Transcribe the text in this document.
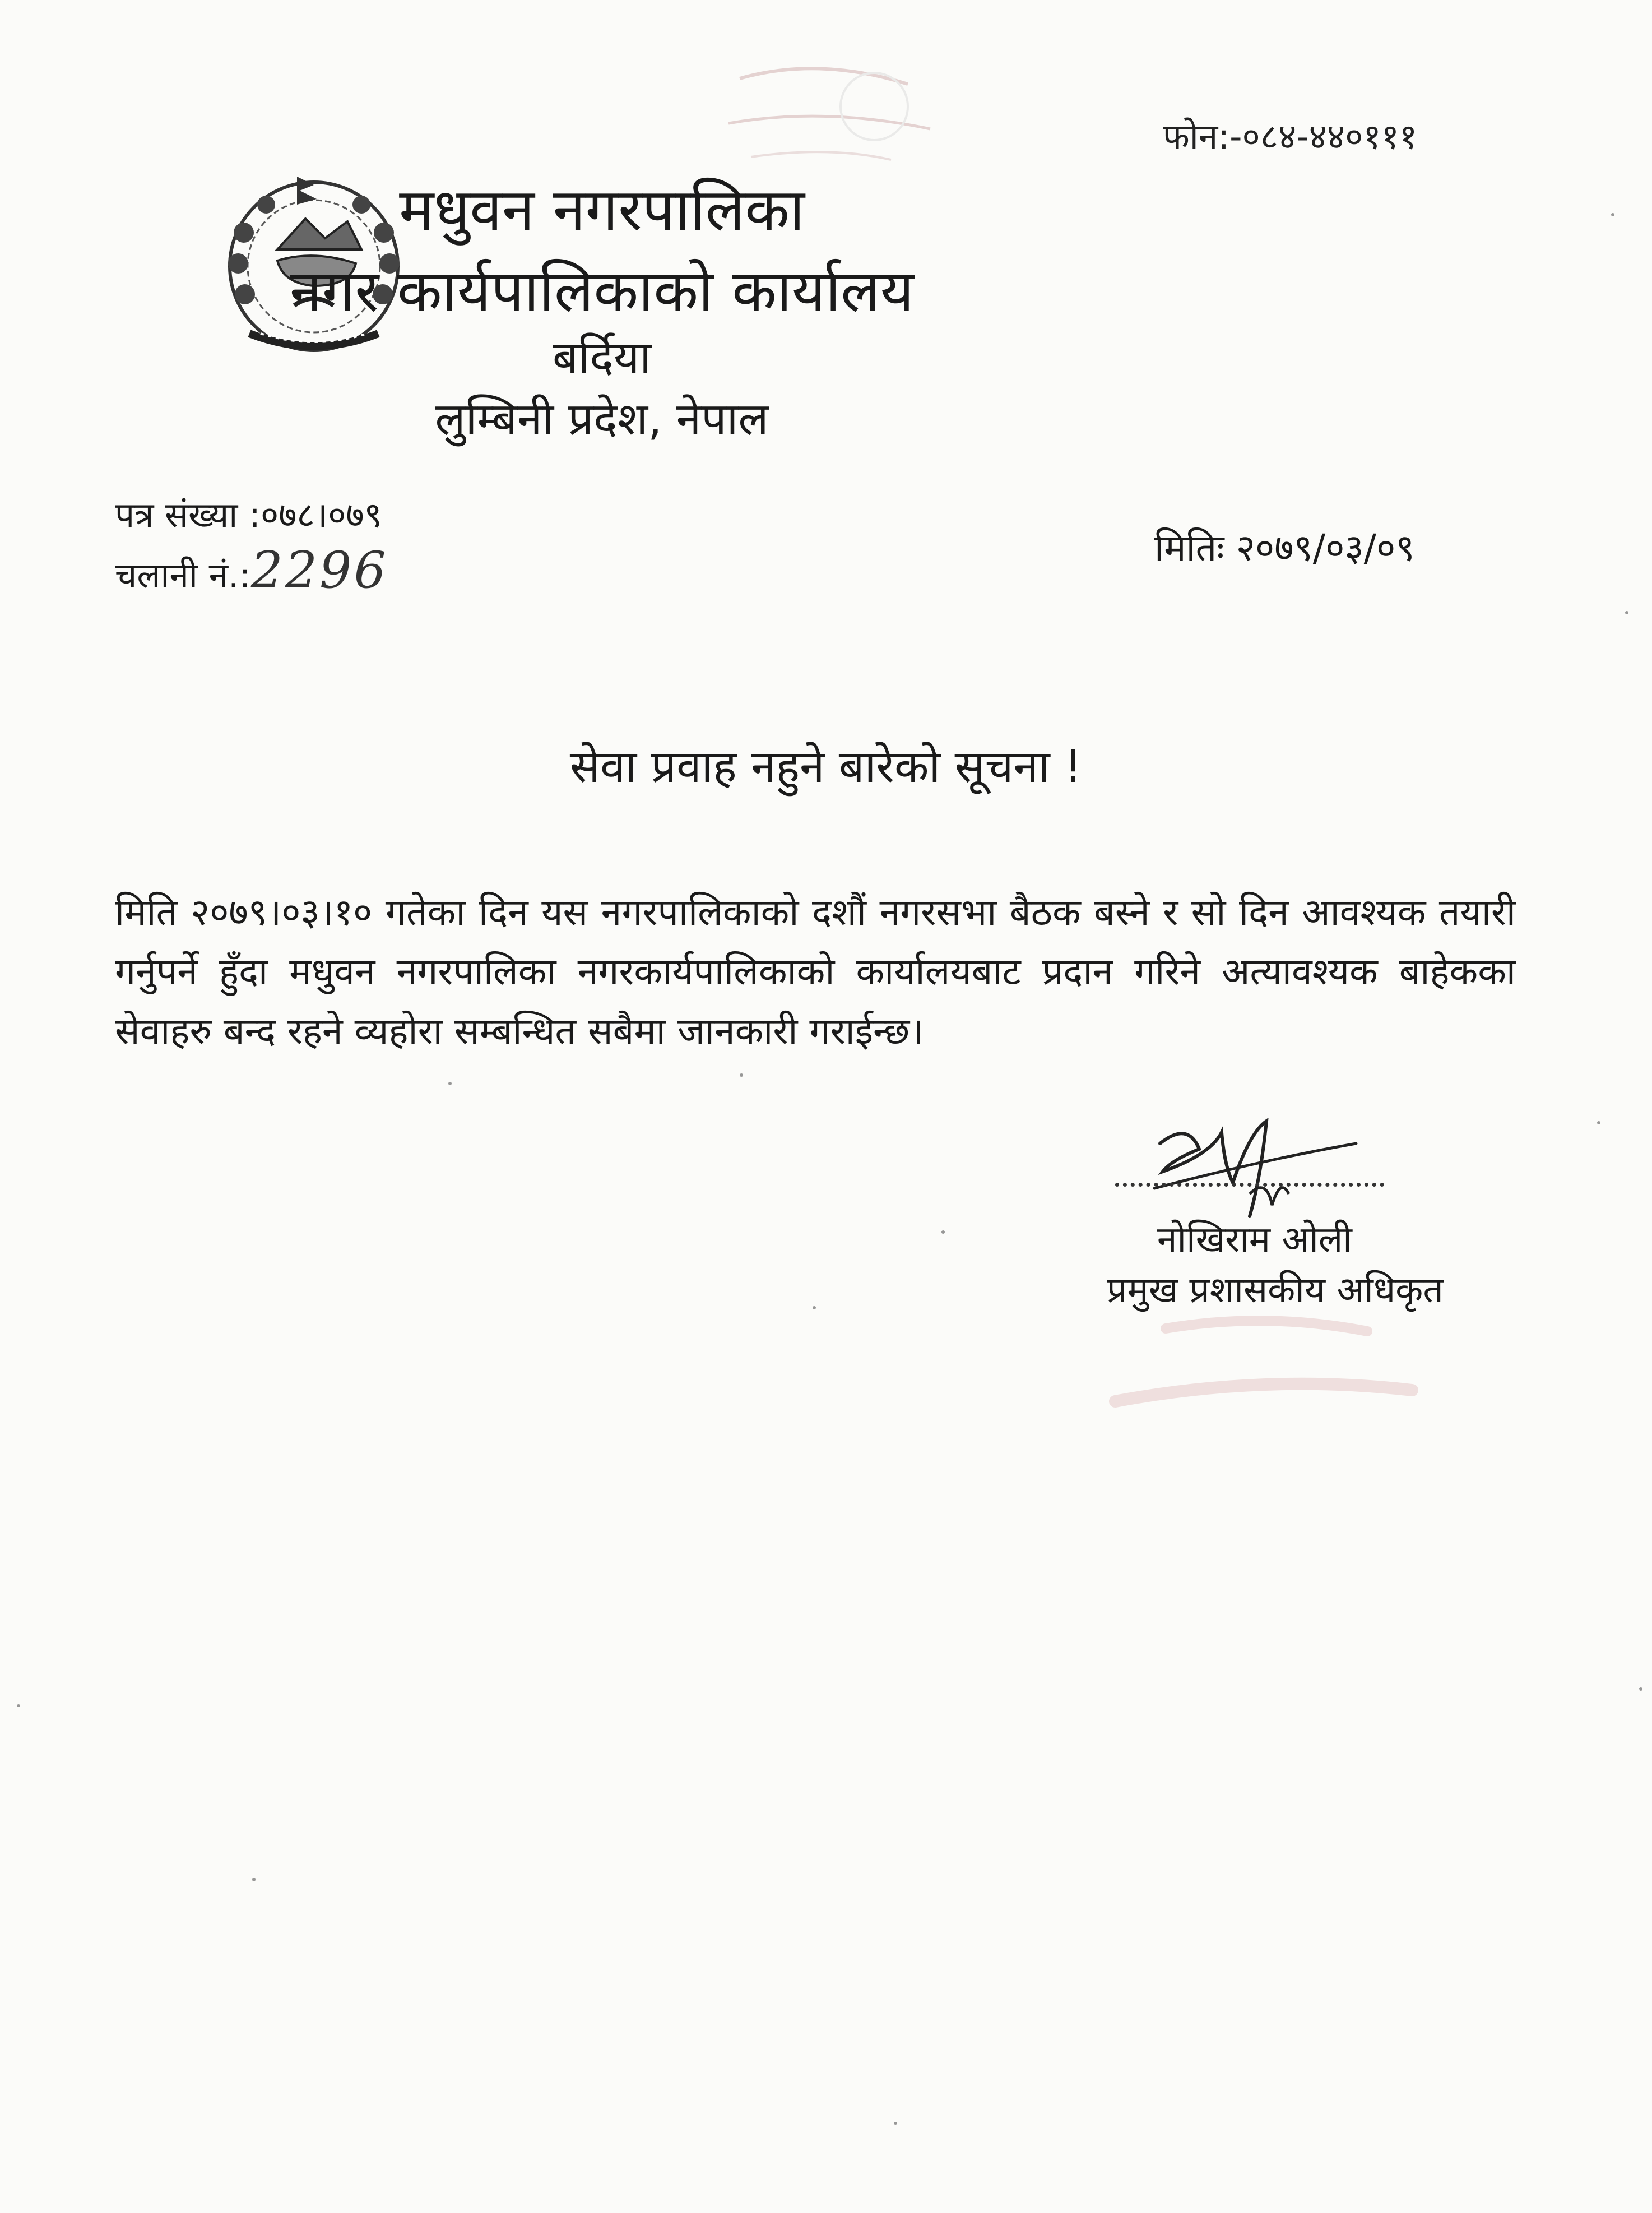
फोन:-०८४-४४०१११
मधुवन नगरपालिका
नगर कार्यपालिकाको कार्यालय
बर्दिया
लुम्बिनी प्रदेश, नेपाल
पत्र संख्या :०७८।०७९
चलानी नं.:2296	मितिः २०७९/०३/०९
सेवा प्रवाह नहुने बारेको सूचना !
मिति २०७९।०३।१० गतेका दिन यस नगरपालिकाको दशौं नगरसभा बैठक बस्ने र सो दिन आवश्यक तयारी गर्नुपर्ने हुँदा मधुवन नगरपालिका नगरकार्यपालिकाको कार्यालयबाट प्रदान गरिने अत्यावश्यक बाहेकका सेवाहरु बन्द रहने व्यहोरा सम्बन्धित सबैमा जानकारी गराईन्छ।
नोखिराम ओली
प्रमुख प्रशासकीय अधिकृत
